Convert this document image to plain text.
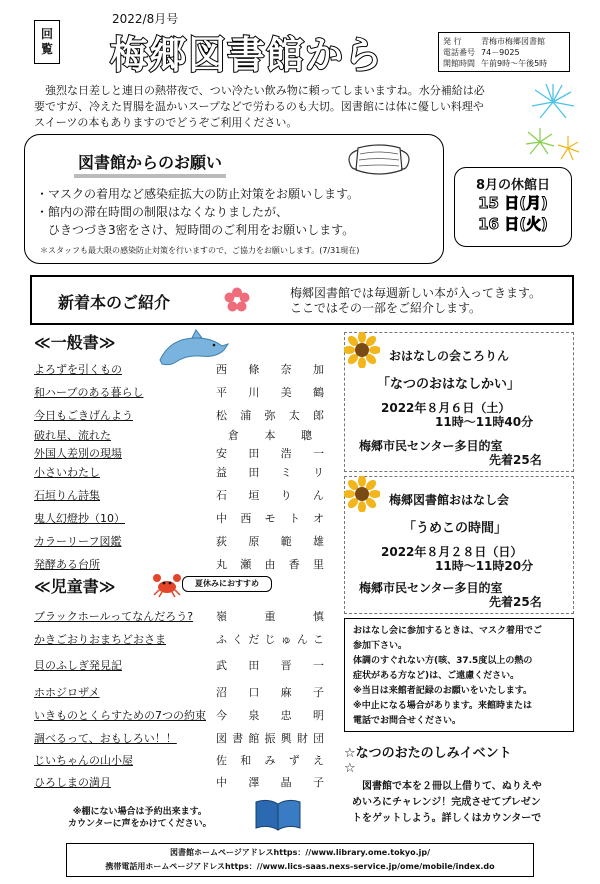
回
覧
2022/8月号
梅郷図書館から	発 行	青梅市梅郷図書館
電話番号 74－9025
開館時間 午前9時～午後5時
　強烈な日差しと連日の熱帯夜で、つい冷たい飲み物に頼ってしまいますね。水分補給は必
要ですが、冷えた胃腸を温かいスープなどで労わるのも大切。図書館には体に優しい料理や
スイーツの本もありますのでどうぞご利用ください。
図書館からのお願い
・マスクの着用など感染症拡大の防止対策をお願いします。
・館内の滞在時間の制限はなくなりましたが、
　ひきつづき3密をさけ、短時間のご利用をお願いします。
＊スタッフも最大限の感染防止対策を行いますので、ご協力をお願いします。(7/31現在)
8月の休館日
15 日(月)
16 日(火)
新着本のご紹介	梅郷図書館では毎週新しい本が入ってきます。
ここではその一部をご紹介します。
≪一般書≫
よろずを引くもの	西條奈加
和ハーブのある暮らし	平川美鶴
今日もごきげんよう	松浦弥太郎
破れ星、流れた	倉本聰
外国人差別の現場	安田浩一
小さいわたし	益田ミリ
石垣りん詩集	石垣りん
鬼人幻燈抄（10）	中西モトオ
カラーリーフ図鑑	荻原範雄
発酵ある台所	丸瀬由香里
≪児童書≫	夏休みにおすすめ
ブラックホールってなんだろう? 嶺重慎
かきごおりおまちどおさま	ふくだじゅんこ
貝のふしぎ発見記	武田晋一
ホホジロザメ	沼口麻子
いきものとくらすための7つの約束 今泉忠明
調べるって、おもしろい！！	図書館振興財団
じいちゃんの山小屋	佐和みずえ
ひろしまの満月	中澤晶子
※棚にない場合は予約出来ます。
カウンターに声をかけてください。
おはなしの会ころりん
「なつのおはなしかい」
2022年８月６日（土）
11時～11時40分
梅郷市民センター多目的室
先着25名
梅郷図書館おはなし会
「うめこの時間」
2022年８月２８日（日）
11時～11時20分
梅郷市民センター多目的室
先着25名
おはなし会に参加するときは、マスク着用でご
参加下さい。
体調のすぐれない方(咳、37.5度以上の熱の
症状がある方など)は、ご遠慮ください。
※当日は来館者記録のお願いをいたします。
※中止になる場合があります。来館時または
電話でお問合せください。
☆なつのおたのしみイベント
☆
　図書館で本を２冊以上借りて、ぬりえや
めいろにチャレンジ！完成させてプレゼン
トをゲットしよう。詳しくはカウンターで
図書館ホームページアドレスhttps：//www.library.ome.tokyo.jp/
携帯電話用ホームページアドレスhttps：//www.lics-saas.nexs-service.jp/ome/mobile/index.do
